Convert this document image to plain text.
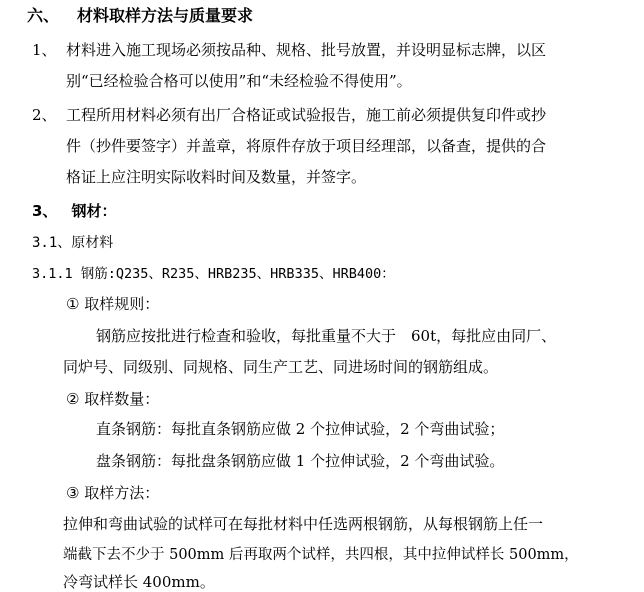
六、 材料取样方法与质量要求
1、 材料进入施工现场必须按品种、规格、批号放置，并设明显标志牌，以区
别“已经检验合格可以使用”和“未经检验不得使用”。
2、 工程所用材料必须有出厂合格证或试验报告，施工前必须提供复印件或抄
件（抄件要签字）并盖章，将原件存放于项目经理部，以备查，提供的合
格证上应注明实际收料时间及数量，并签字。
3、 钢材：
3.1、原材料
3.1.1 钢筋:Q235、R235、HRB235、HRB335、HRB400：
① 取样规则：
钢筋应按批进行检查和验收，每批重量不大于　60t，每批应由同厂、
同炉号、同级别、同规格、同生产工艺、同进场时间的钢筋组成。
② 取样数量：
直条钢筋：每批直条钢筋应做 2 个拉伸试验，2 个弯曲试验；
盘条钢筋：每批盘条钢筋应做 1 个拉伸试验，2 个弯曲试验。
③ 取样方法：
拉伸和弯曲试验的试样可在每批材料中任选两根钢筋，从每根钢筋上任一
端截下去不少于 500mm 后再取两个试样，共四根，其中拉伸试样长 500mm，
冷弯试样长 400mm。
